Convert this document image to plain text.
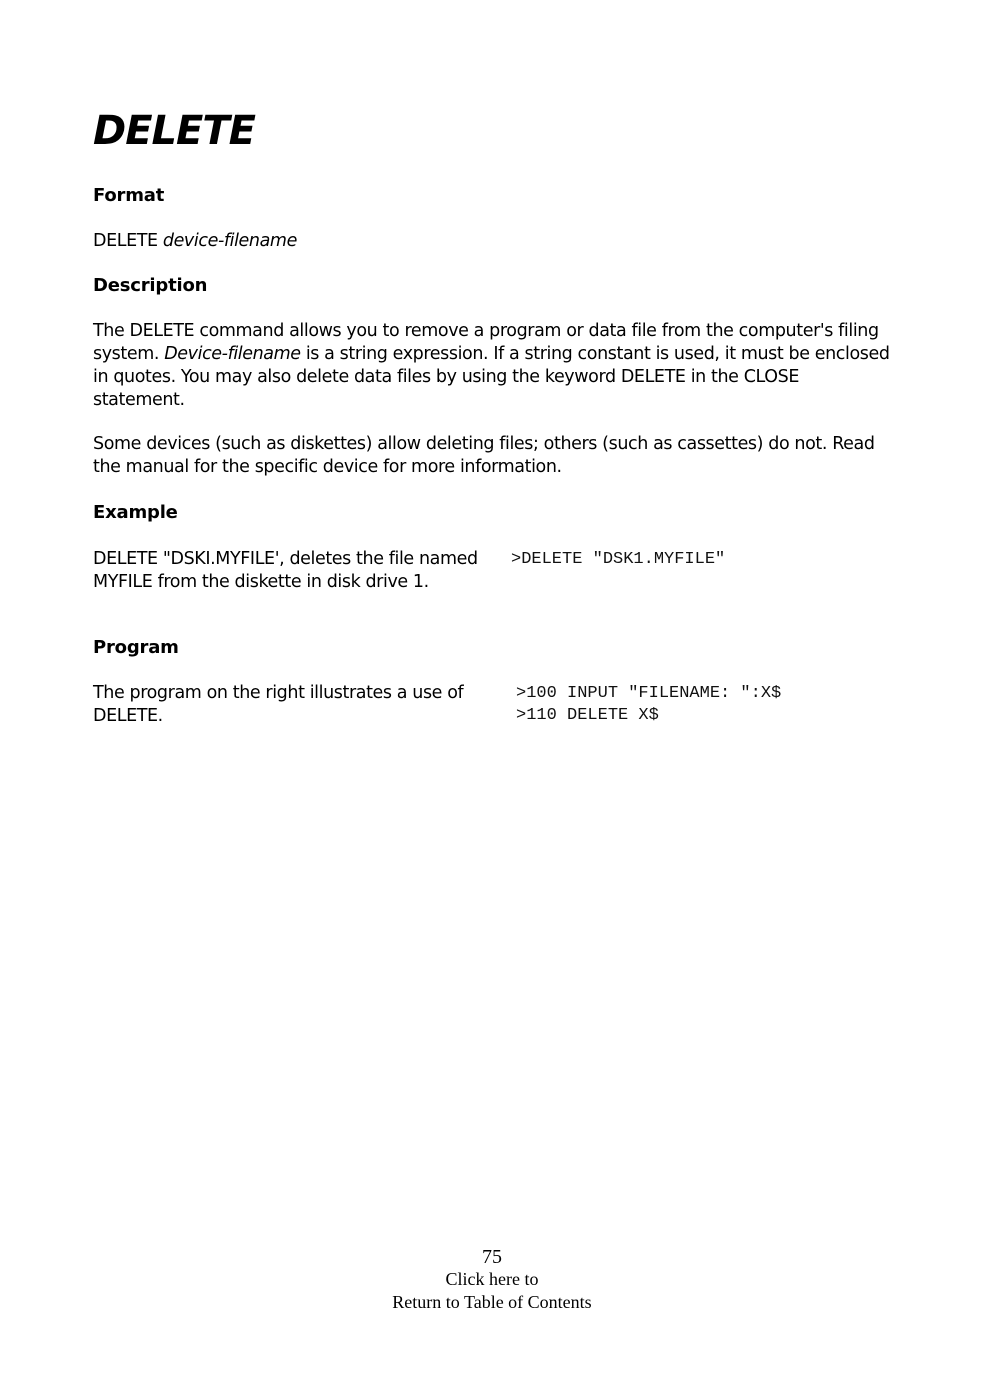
DELETE
Format

DELETE device-filename

Description

The DELETE command allows you to remove a program or data file from the computer's filing system. Device-filename is a string expression. If a string constant is used, it must be enclosed in quotes. You may also delete data files by using the keyword DELETE in the CLOSE statement.

Some devices (such as diskettes) allow deleting files; others (such as cassettes) do not. Read the manual for the specific device for more information.

Example

DELETE "DSKI.MYFILE', deletes the file named MYFILE from the diskette in disk drive 1.

>DELETE "DSK1.MYFILE"
Program

The program on the right illustrates a use of DELETE.

>100 INPUT "FILENAME: ":X$
>110 DELETE X$
75
Click here to
Return to Table of Contents
